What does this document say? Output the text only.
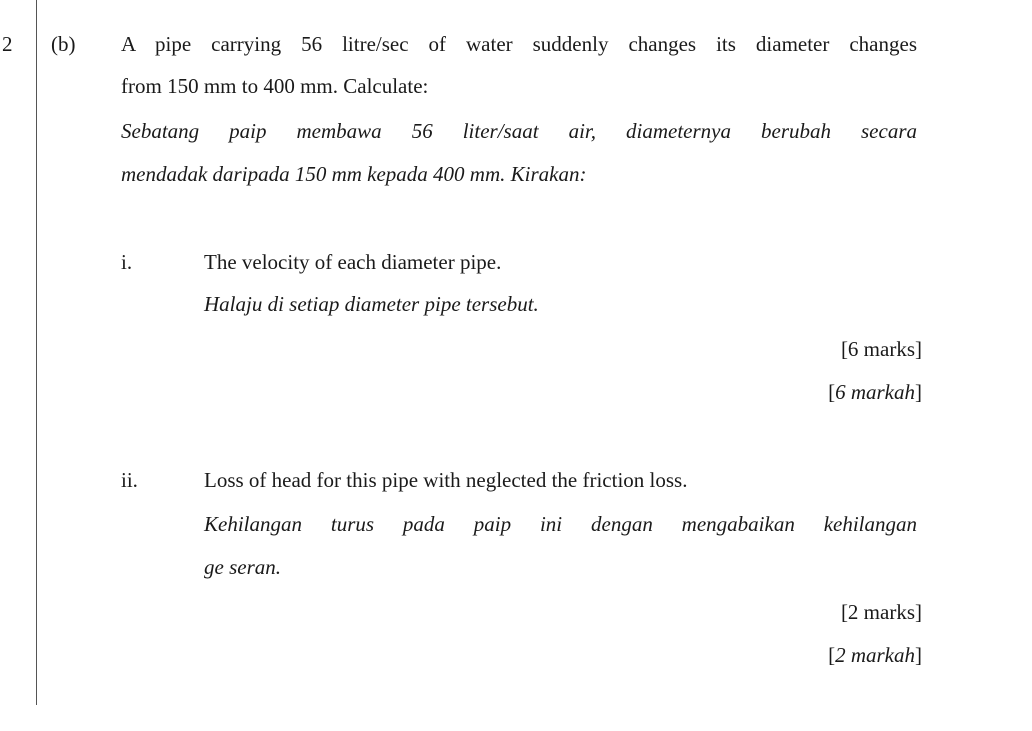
2 (b) A pipe carrying 56 litre/sec of water suddenly changes its diameter changes
from 150 mm to 400 mm. Calculate:
Sebatang paip membawa 56 liter/saat air, diameternya berubah secara
mendadak daripada 150 mm kepada 400 mm. Kirakan:
i.	The velocity of each diameter pipe.
Halaju di setiap diameter pipe tersebut.
[6 marks]
[6 markah]
ii.	Loss of head for this pipe with neglected the friction loss.
Kehilangan turus pada paip ini dengan mengabaikan kehilangan
ge seran.
[2 marks]
[2 markah]
